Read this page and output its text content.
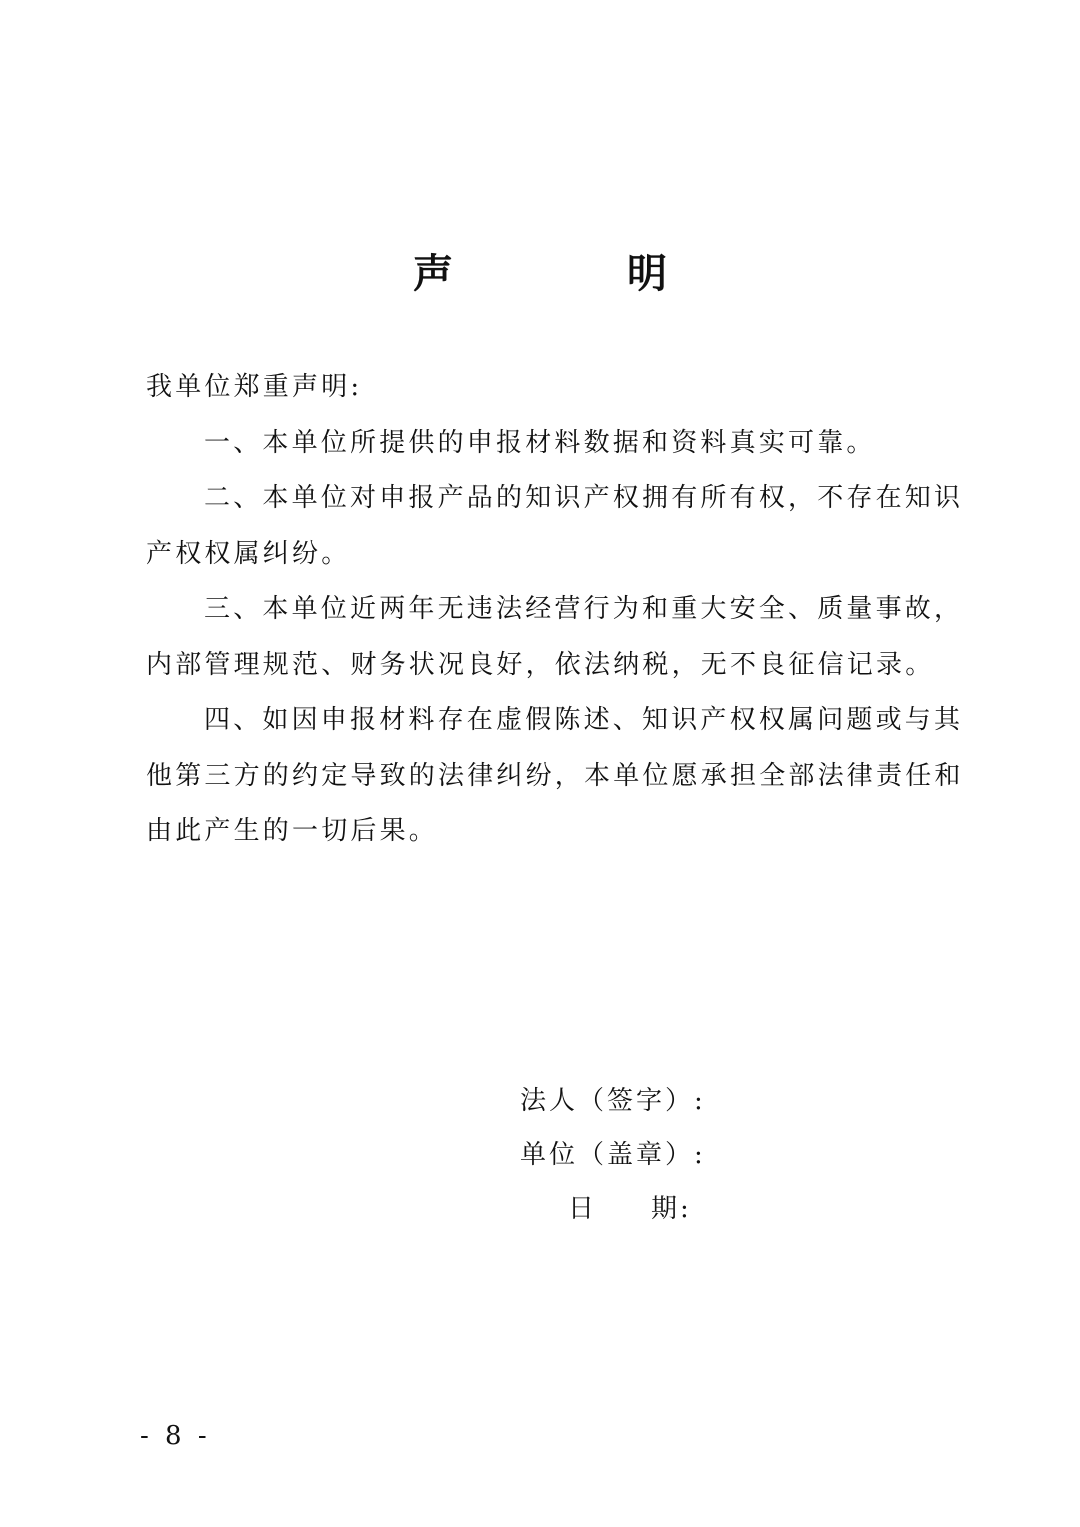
声 明

我单位郑重声明:

一、本单位所提供的申报材料数据和资料真实可靠。

二、本单位对申报产品的知识产权拥有所有权，不存在知识产权权属纠纷。

三、本单位近两年无违法经营行为和重大安全、质量事故，内部管理规范、财务状况良好，依法纳税，无不良征信记录。

四、如因申报材料存在虚假陈述、知识产权权属问题或与其他第三方的约定导致的法律纠纷，本单位愿承担全部法律责任和由此产生的一切后果。

法人（签字）:
单位（盖章）:
日 期:
- 8 -
